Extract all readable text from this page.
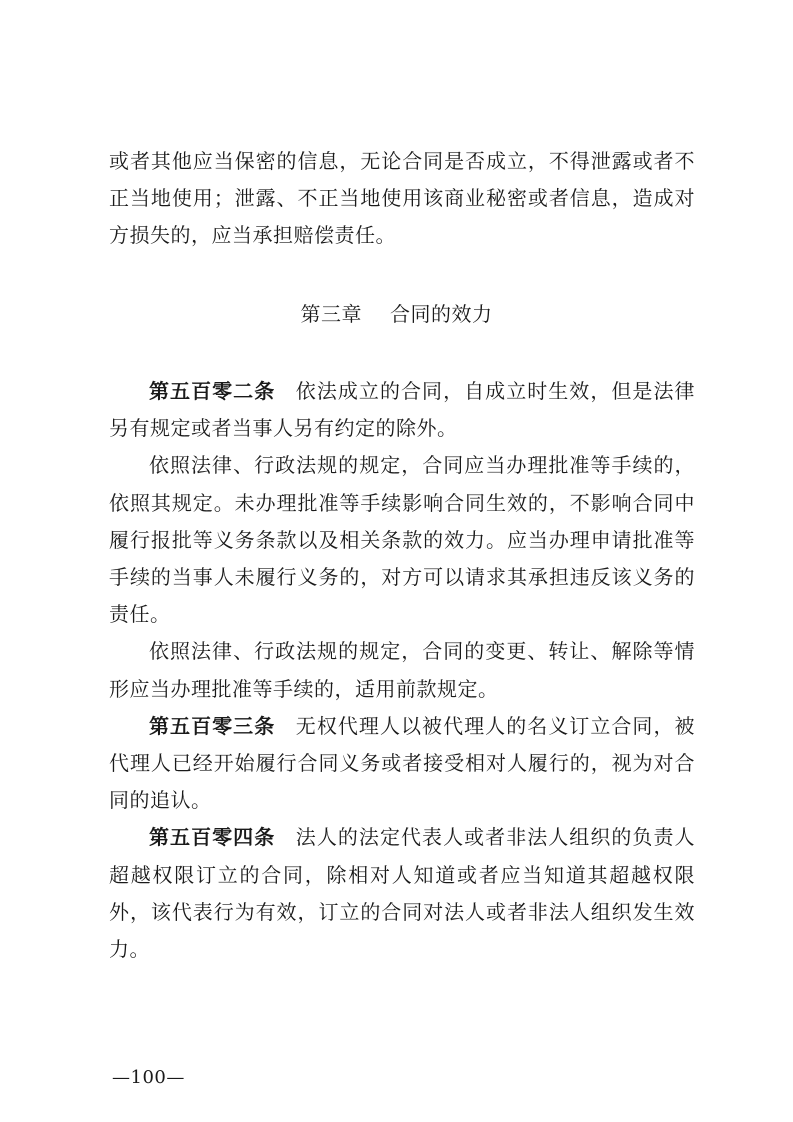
或者其他应当保密的信息，无论合同是否成立，不得泄露或者不正当地使用；泄露、不正当地使用该商业秘密或者信息，造成对方损失的，应当承担赔偿责任。

第三章 合同的效力

第五百零二条 依法成立的合同，自成立时生效，但是法律另有规定或者当事人另有约定的除外。

依照法律、行政法规的规定，合同应当办理批准等手续的，依照其规定。未办理批准等手续影响合同生效的，不影响合同中履行报批等义务条款以及相关条款的效力。应当办理申请批准等手续的当事人未履行义务的，对方可以请求其承担违反该义务的责任。

依照法律、行政法规的规定，合同的变更、转让、解除等情形应当办理批准等手续的，适用前款规定。

第五百零三条 无权代理人以被代理人的名义订立合同，被代理人已经开始履行合同义务或者接受相对人履行的，视为对合同的追认。

第五百零四条 法人的法定代表人或者非法人组织的负责人超越权限订立的合同，除相对人知道或者应当知道其超越权限外，该代表行为有效，订立的合同对法人或者非法人组织发生效力。

—100—
